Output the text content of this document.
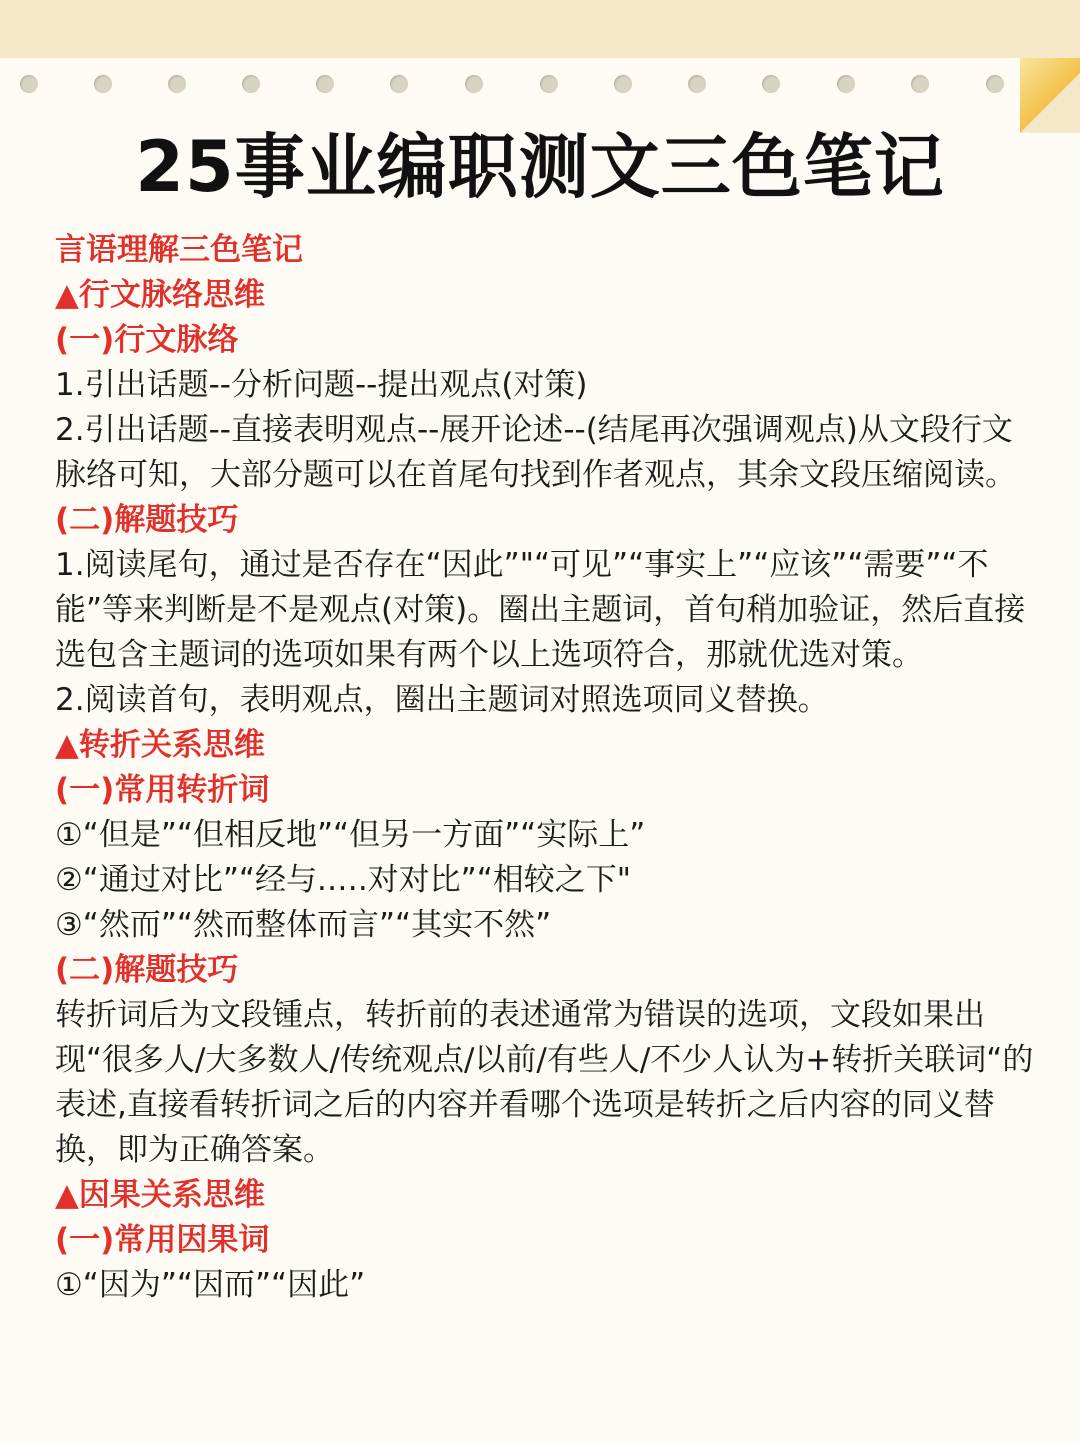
25事业编职测文三色笔记
言语理解三色笔记
▲行文脉络思维
(一)行文脉络
1.引出话题--分析问题--提出观点(对策)
2.引出话题--直接表明观点--展开论述--(结尾再次强调观点)从文段行文脉络可知，大部分题可以在首尾句找到作者观点，其余文段压缩阅读。
(二)解题技巧
1.阅读尾句，通过是否存在“因此”"“可见”“事实上”“应该”“需要”“不能”等来判断是不是观点(对策)。圈出主题词，首句稍加验证，然后直接选包含主题词的选项如果有两个以上选项符合，那就优选对策。
2.阅读首句，表明观点，圈出主题词对照选项同义替换。
▲转折关系思维
(一)常用转折词
①“但是”“但相反地”“但另一方面”“实际上”
②“通过对比”“经与.….对对比”“相较之下"
③“然而”“然而整体而言”“其实不然”
(二)解题技巧
转折词后为文段锺点，转折前的表述通常为错误的选项，文段如果出现“很多人/大多数人/传统观点/以前/有些人/不少人认为+转折关联词“的表述,直接看转折词之后的内容并看哪个选项是转折之后内容的同义替换，即为正确答案。
▲因果关系思维
(一)常用因果词
①“因为”“因而”“因此”
